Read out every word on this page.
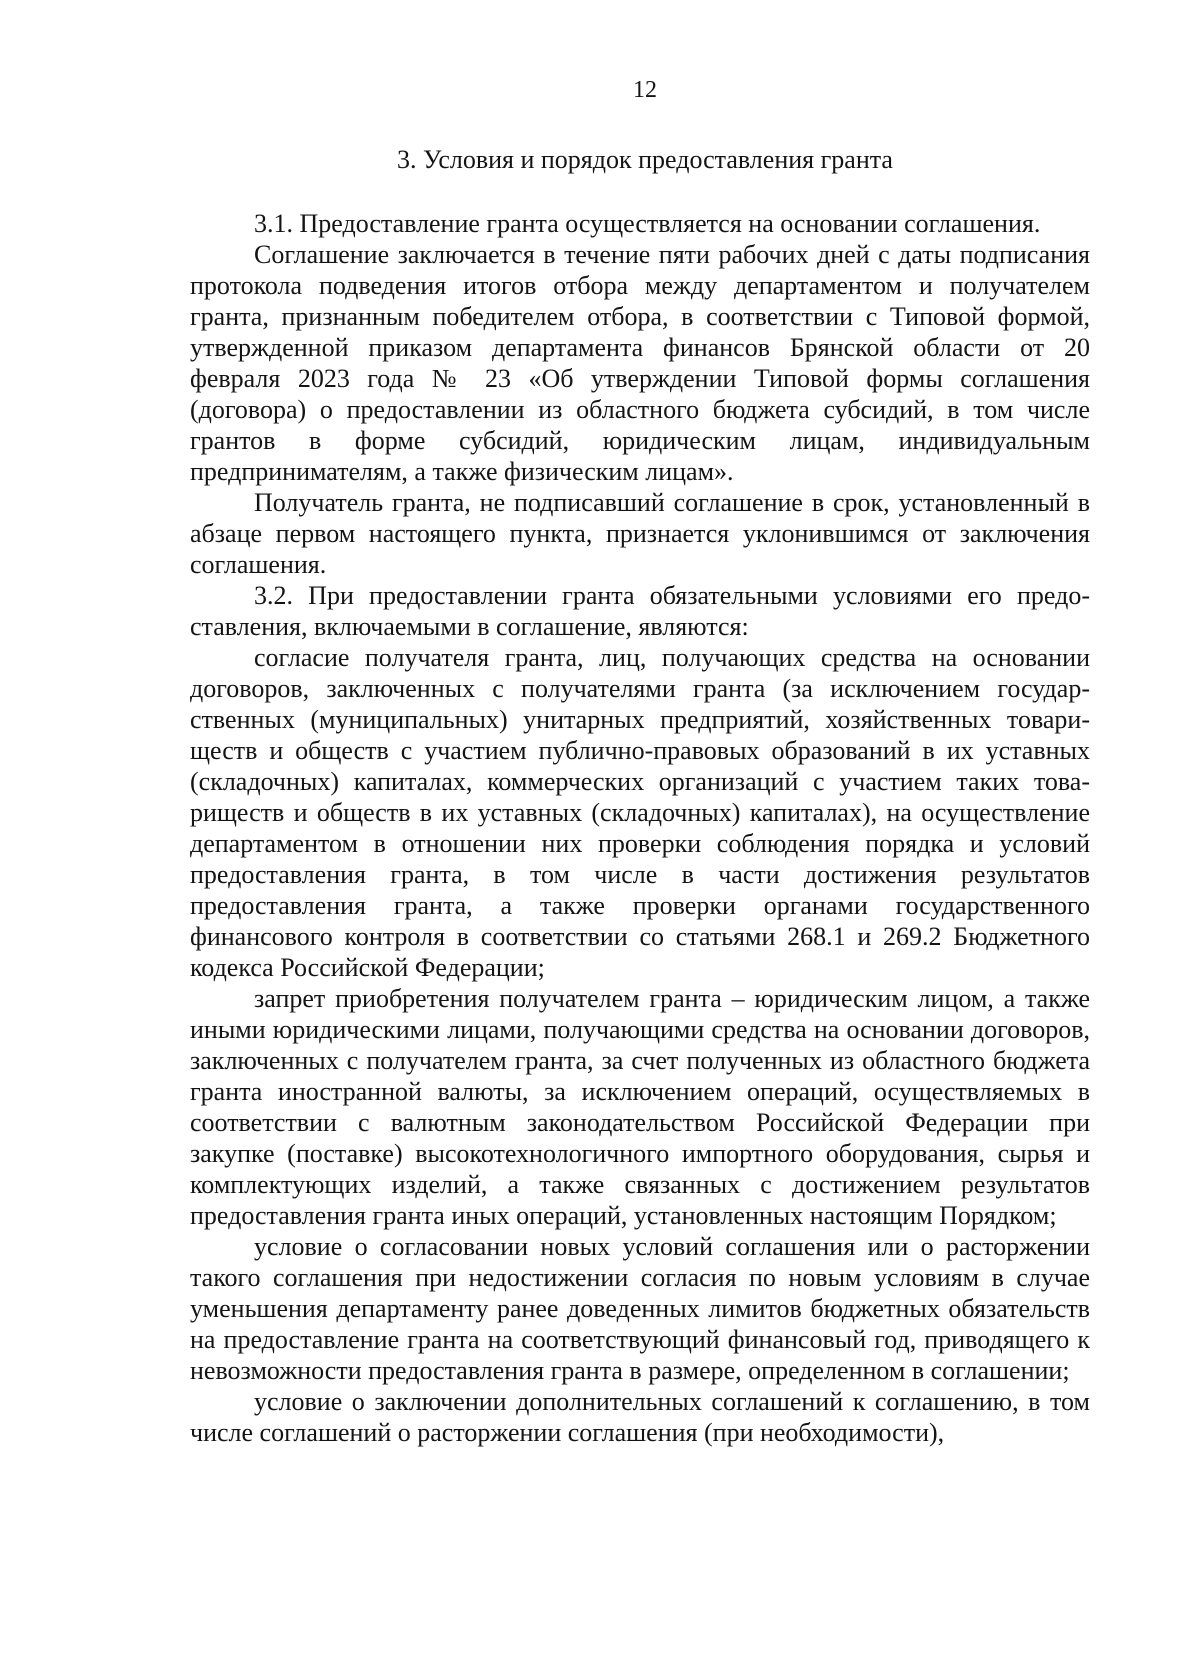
12
3. Условия и порядок предоставления гранта

3.1. Предоставление гранта осуществляется на основании соглашения.

Соглашение заключается в течение пяти рабочих дней с даты подписания протокола подведения итогов отбора между департаментом и получателем гранта, признанным победителем отбора, в соответствии с Типовой формой, утвержденной приказом департамента финансов Брянской области от 20 февраля 2023 года № 23 «Об утверждении Типовой формы соглашения (договора) о предоставлении из областного бюджета субсидий, в том числе грантов в форме субсидий, юридическим лицам, индивидуальным предпринимателям, а также физическим лицам».

Получатель гранта, не подписавший соглашение в срок, установленный в абзаце первом настоящего пункта, признается уклонившимся от заключения соглашения.

3.2. При предоставлении гранта обязательными условиями его предоставления, включаемыми в соглашение, являются:

согласие получателя гранта, лиц, получающих средства на основании договоров, заключенных с получателями гранта (за исключением государственных (муниципальных) унитарных предприятий, хозяйственных товариществ и обществ с участием публично-правовых образований в их уставных (складочных) капиталах, коммерческих организаций с участием таких товариществ и обществ в их уставных (складочных) капиталах), на осуществление департаментом в отношении них проверки соблюдения порядка и условий предоставления гранта, в том числе в части достижения результатов предоставления гранта, а также проверки органами государственного финансового контроля в соответствии со статьями 268.1 и 269.2 Бюджетного кодекса Российской Федерации;

запрет приобретения получателем гранта – юридическим лицом, а также иными юридическими лицами, получающими средства на основании договоров, заключенных с получателем гранта, за счет полученных из областного бюджета гранта иностранной валюты, за исключением операций, осуществляемых в соответствии с валютным законодательством Российской Федерации при закупке (поставке) высокотехнологичного импортного оборудования, сырья и комплектующих изделий, а также связанных с достижением результатов предоставления гранта иных операций, установленных настоящим Порядком;

условие о согласовании новых условий соглашения или о расторжении такого соглашения при недостижении согласия по новым условиям в случае уменьшения департаменту ранее доведенных лимитов бюджетных обязательств на предоставление гранта на соответствующий финансовый год, приводящего к невозможности предоставления гранта в размере, определенном в соглашении;

условие о заключении дополнительных соглашений к соглашению, в том числе соглашений о расторжении соглашения (при необходимости),
